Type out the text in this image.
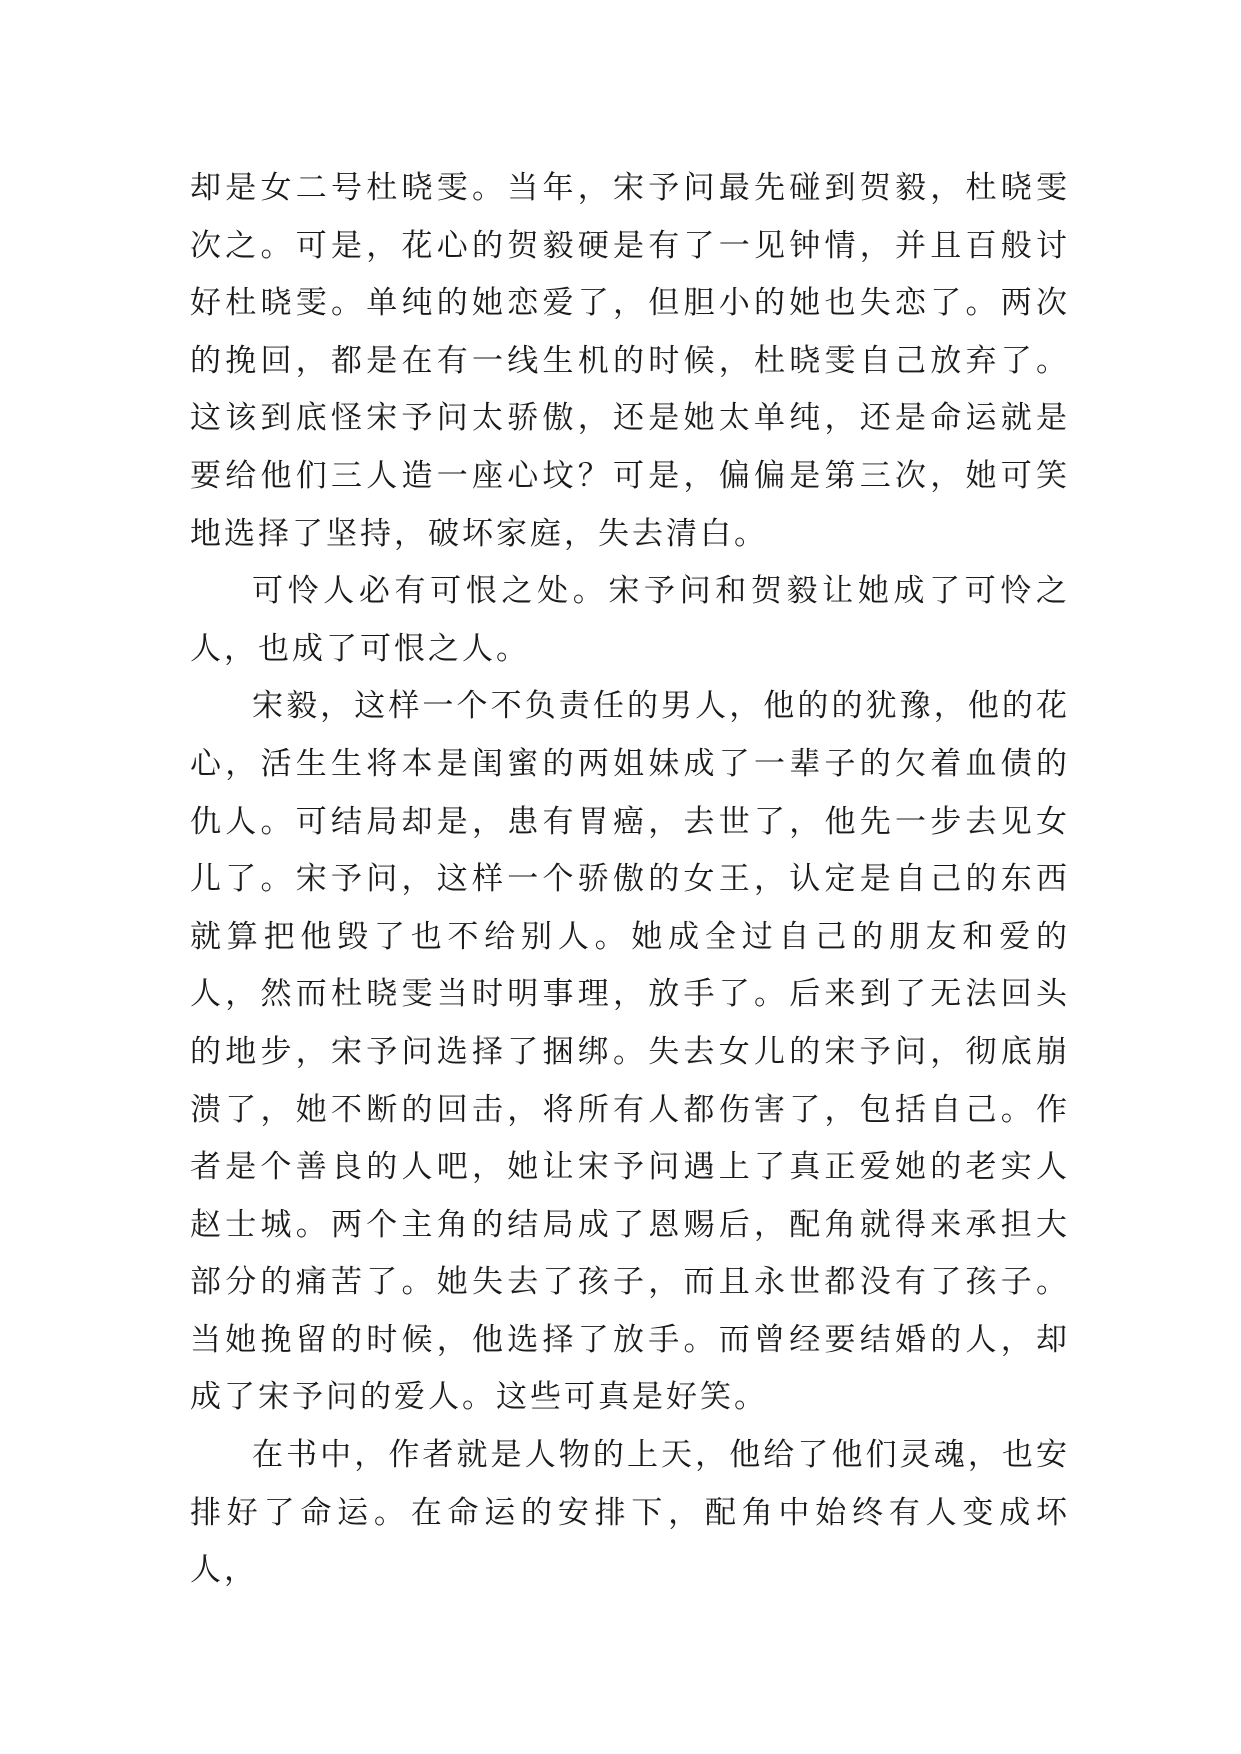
却是女二号杜晓雯。当年，宋予问最先碰到贺毅，杜晓雯次之。可是，花心的贺毅硬是有了一见钟情，并且百般讨好杜晓雯。单纯的她恋爱了，但胆小的她也失恋了。两次的挽回，都是在有一线生机的时候，杜晓雯自己放弃了。这该到底怪宋予问太骄傲，还是她太单纯，还是命运就是要给他们三人造一座心坟？可是，偏偏是第三次，她可笑地选择了坚持，破坏家庭，失去清白。

可怜人必有可恨之处。宋予问和贺毅让她成了可怜之人，也成了可恨之人。

宋毅，这样一个不负责任的男人，他的的犹豫，他的花心，活生生将本是闺蜜的两姐妹成了一辈子的欠着血债的仇人。可结局却是，患有胃癌，去世了，他先一步去见女儿了。宋予问，这样一个骄傲的女王，认定是自己的东西就算把他毁了也不给别人。她成全过自己的朋友和爱的人，然而杜晓雯当时明事理，放手了。后来到了无法回头的地步，宋予问选择了捆绑。失去女儿的宋予问，彻底崩溃了，她不断的回击，将所有人都伤害了，包括自己。作者是个善良的人吧，她让宋予问遇上了真正爱她的老实人赵士城。两个主角的结局成了恩赐后，配角就得来承担大部分的痛苦了。她失去了孩子，而且永世都没有了孩子。当她挽留的时候，他选择了放手。而曾经要结婚的人，却成了宋予问的爱人。这些可真是好笑。

在书中，作者就是人物的上天，他给了他们灵魂，也安排好了命运。在命运的安排下，配角中始终有人变成坏人，
